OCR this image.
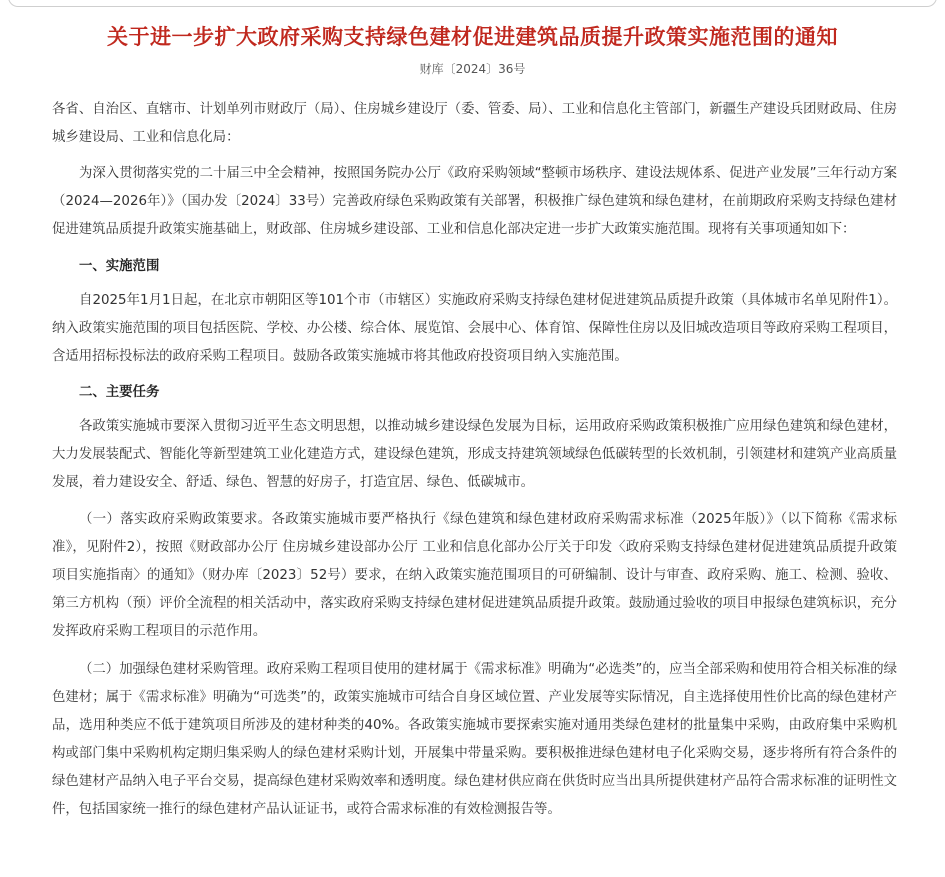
关于进一步扩大政府采购支持绿色建材促进建筑品质提升政策实施范围的通知
财库〔2024〕36号

各省、自治区、直辖市、计划单列市财政厅（局）、住房城乡建设厅（委、管委、局）、工业和信息化主管部门，新疆生产建设兵团财政局、住房城乡建设局、工业和信息化局：

为深入贯彻落实党的二十届三中全会精神，按照国务院办公厅《政府采购领域“整顿市场秩序、建设法规体系、促进产业发展”三年行动方案（2024—2026年）》（国办发〔2024〕33号）完善政府绿色采购政策有关部署，积极推广绿色建筑和绿色建材，在前期政府采购支持绿色建材促进建筑品质提升政策实施基础上，财政部、住房城乡建设部、工业和信息化部决定进一步扩大政策实施范围。现将有关事项通知如下：

一、实施范围

自2025年1月1日起，在北京市朝阳区等101个市（市辖区）实施政府采购支持绿色建材促进建筑品质提升政策（具体城市名单见附件1）。纳入政策实施范围的项目包括医院、学校、办公楼、综合体、展览馆、会展中心、体育馆、保障性住房以及旧城改造项目等政府采购工程项目，含适用招标投标法的政府采购工程项目。鼓励各政策实施城市将其他政府投资项目纳入实施范围。

二、主要任务

各政策实施城市要深入贯彻习近平生态文明思想，以推动城乡建设绿色发展为目标，运用政府采购政策积极推广应用绿色建筑和绿色建材，大力发展装配式、智能化等新型建筑工业化建造方式，建设绿色建筑，形成支持建筑领域绿色低碳转型的长效机制，引领建材和建筑产业高质量发展，着力建设安全、舒适、绿色、智慧的好房子，打造宜居、绿色、低碳城市。

（一）落实政府采购政策要求。各政策实施城市要严格执行《绿色建筑和绿色建材政府采购需求标准（2025年版）》（以下简称《需求标准》，见附件2），按照《财政部办公厅 住房城乡建设部办公厅 工业和信息化部办公厅关于印发〈政府采购支持绿色建材促进建筑品质提升政策项目实施指南〉的通知》（财办库〔2023〕52号）要求，在纳入政策实施范围项目的可研编制、设计与审查、政府采购、施工、检测、验收、第三方机构（预）评价全流程的相关活动中，落实政府采购支持绿色建材促进建筑品质提升政策。鼓励通过验收的项目申报绿色建筑标识，充分发挥政府采购工程项目的示范作用。

（二）加强绿色建材采购管理。政府采购工程项目使用的建材属于《需求标准》明确为“必选类”的，应当全部采购和使用符合相关标准的绿色建材；属于《需求标准》明确为“可选类”的，政策实施城市可结合自身区域位置、产业发展等实际情况，自主选择使用性价比高的绿色建材产品，选用种类应不低于建筑项目所涉及的建材种类的40%。各政策实施城市要探索实施对通用类绿色建材的批量集中采购，由政府集中采购机构或部门集中采购机构定期归集采购人的绿色建材采购计划，开展集中带量采购。要积极推进绿色建材电子化采购交易，逐步将所有符合条件的绿色建材产品纳入电子平台交易，提高绿色建材采购效率和透明度。绿色建材供应商在供货时应当出具所提供建材产品符合需求标准的证明性文件，包括国家统一推行的绿色建材产品认证证书，或符合需求标准的有效检测报告等。
